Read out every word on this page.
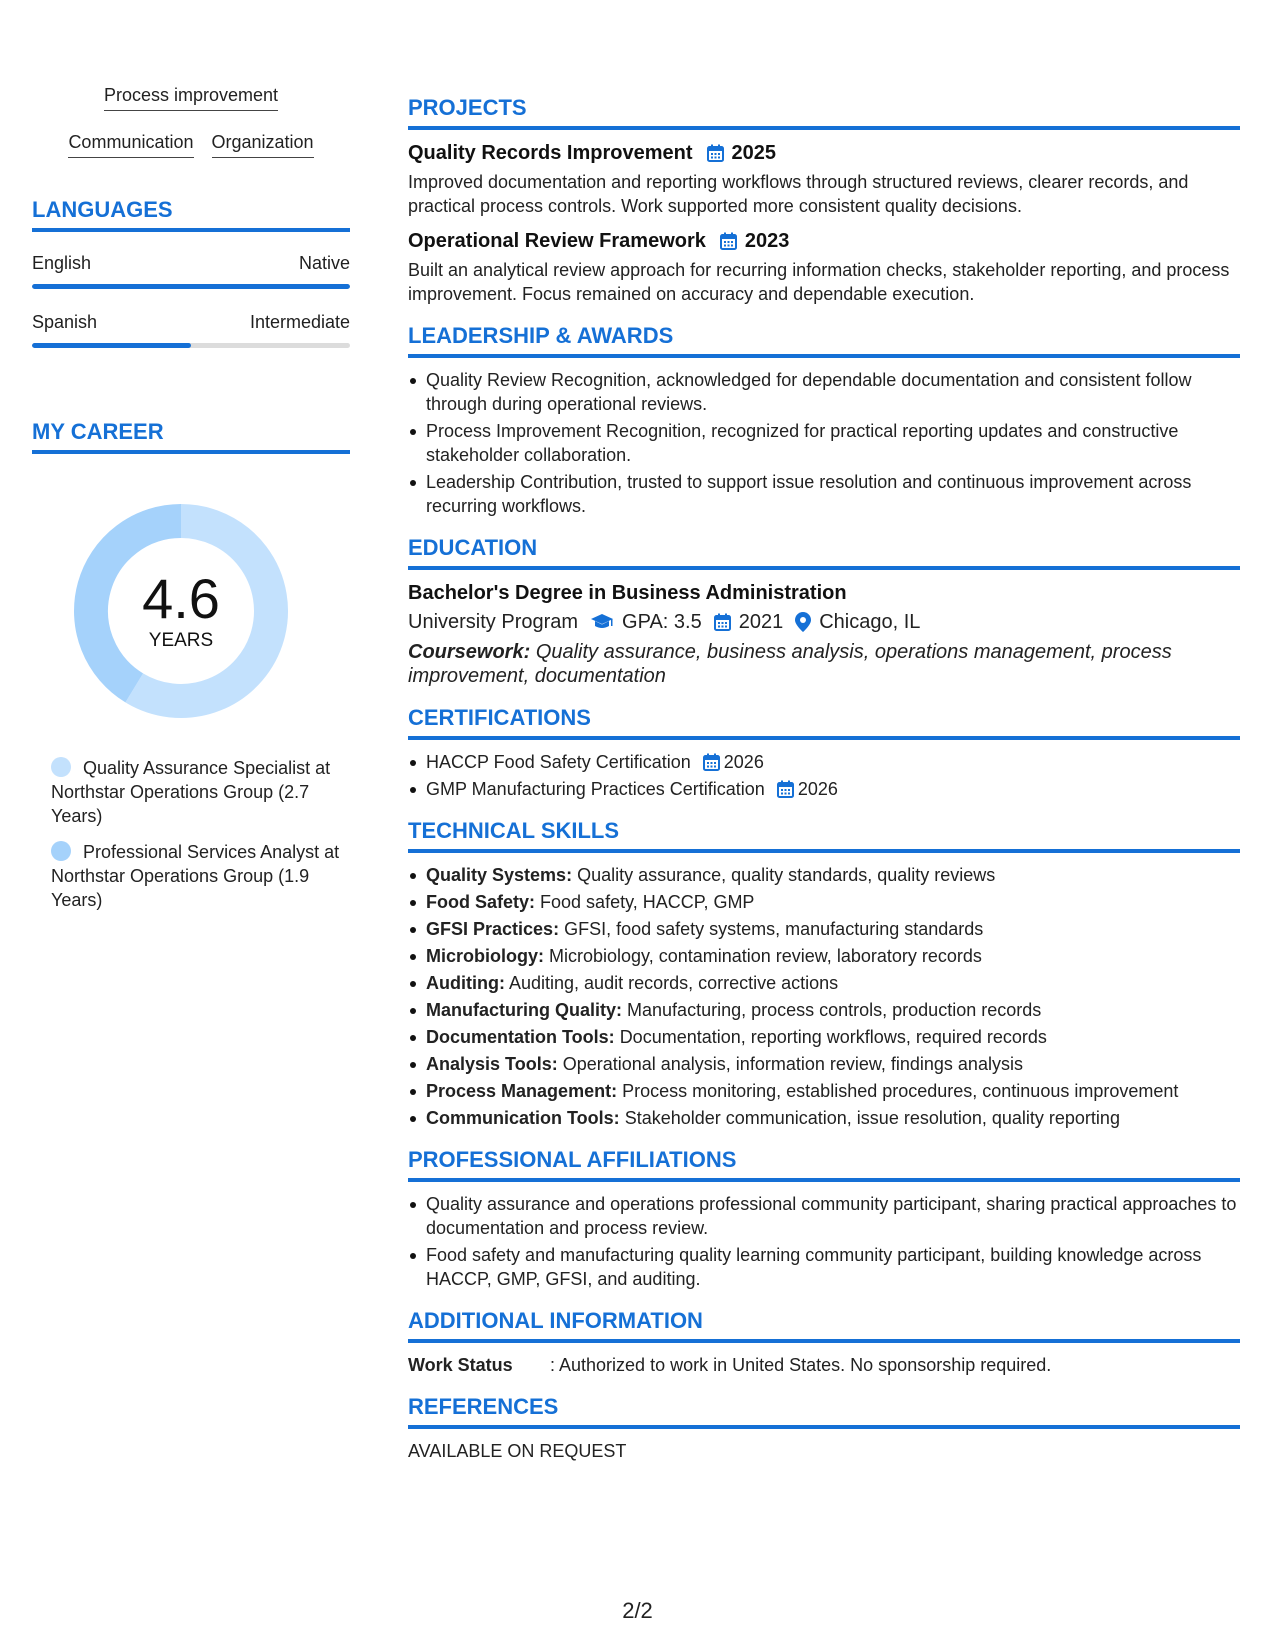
Process improvement
Communication Organization
LANGUAGES
English	Native
Spanish	Intermediate
MY CAREER
4.6
YEARS
Quality Assurance Specialist at Northstar Operations Group (2.7 Years)
Professional Services Analyst at Northstar Operations Group (1.9 Years)
PROJECTS
Quality Records Improvement 2025
Improved documentation and reporting workflows through structured reviews, clearer records, and practical process controls. Work supported more consistent quality decisions.
Operational Review Framework 2023
Built an analytical review approach for recurring information checks, stakeholder reporting, and process improvement. Focus remained on accuracy and dependable execution.
LEADERSHIP & AWARDS
Quality Review Recognition, acknowledged for dependable documentation and consistent follow through during operational reviews.
Process Improvement Recognition, recognized for practical reporting updates and constructive stakeholder collaboration.
Leadership Contribution, trusted to support issue resolution and continuous improvement across recurring workflows.
EDUCATION
Bachelor's Degree in Business Administration
University Program GPA: 3.5 2021 Chicago, IL
Coursework: Quality assurance, business analysis, operations management, process improvement, documentation
CERTIFICATIONS
HACCP Food Safety Certification 2026
GMP Manufacturing Practices Certification 2026
TECHNICAL SKILLS
Quality Systems: Quality assurance, quality standards, quality reviews
Food Safety: Food safety, HACCP, GMP
GFSI Practices: GFSI, food safety systems, manufacturing standards
Microbiology: Microbiology, contamination review, laboratory records
Auditing: Auditing, audit records, corrective actions
Manufacturing Quality: Manufacturing, process controls, production records
Documentation Tools: Documentation, reporting workflows, required records
Analysis Tools: Operational analysis, information review, findings analysis
Process Management: Process monitoring, established procedures, continuous improvement
Communication Tools: Stakeholder communication, issue resolution, quality reporting
PROFESSIONAL AFFILIATIONS
Quality assurance and operations professional community participant, sharing practical approaches to documentation and process review.
Food safety and manufacturing quality learning community participant, building knowledge across HACCP, GMP, GFSI, and auditing.
ADDITIONAL INFORMATION
Work Status	: Authorized to work in United States. No sponsorship required.
REFERENCES
AVAILABLE ON REQUEST
2/2
